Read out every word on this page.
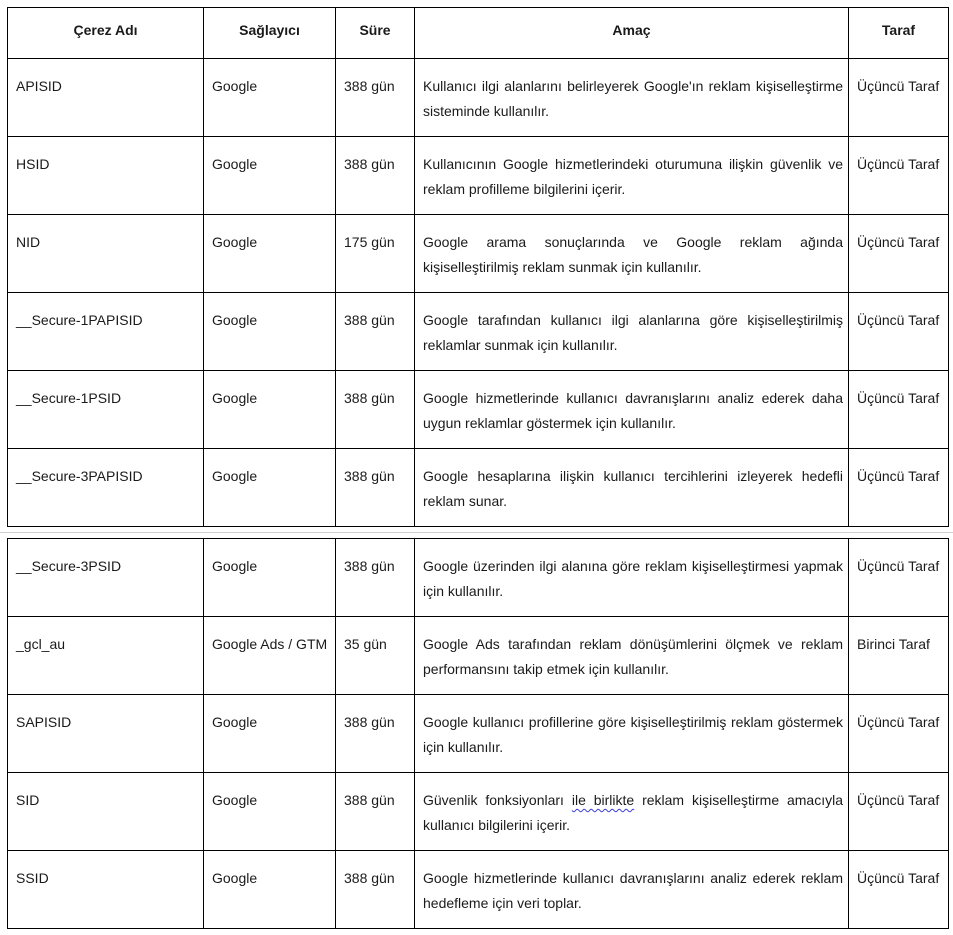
Çerez Adı	Sağlayıcı	Süre	Amaç	Taraf

APISID	Google	388 gün	Kullanıcı ilgi alanlarını belirleyerek Google'ın reklam kişiselleştirme sisteminde kullanılır.	Üçüncü Taraf

HSID	Google	388 gün	Kullanıcının Google hizmetlerindeki oturumuna ilişkin güvenlik ve reklam profilleme bilgilerini içerir.	Üçüncü Taraf

NID	Google	175 gün	Google arama sonuçlarında ve Google reklam ağında kişiselleştirilmiş reklam sunmak için kullanılır.	Üçüncü Taraf

__Secure-1PAPISID	Google	388 gün	Google tarafından kullanıcı ilgi alanlarına göre kişiselleştirilmiş reklamlar sunmak için kullanılır.	Üçüncü Taraf

__Secure-1PSID	Google	388 gün	Google hizmetlerinde kullanıcı davranışlarını analiz ederek daha uygun reklamlar göstermek için kullanılır.	Üçüncü Taraf

__Secure-3PAPISID	Google	388 gün	Google hesaplarına ilişkin kullanıcı tercihlerini izleyerek hedefli reklam sunar.	Üçüncü Taraf
__Secure-3PSID	Google	388 gün	Google üzerinden ilgi alanına göre reklam kişiselleştirmesi yapmak için kullanılır.	Üçüncü Taraf

_gcl_au	Google Ads / GTM	35 gün	Google Ads tarafından reklam dönüşümlerini ölçmek ve reklam performansını takip etmek için kullanılır.	Birinci Taraf

SAPISID	Google	388 gün	Google kullanıcı profillerine göre kişiselleştirilmiş reklam göstermek için kullanılır.	Üçüncü Taraf

SID	Google	388 gün	Güvenlik fonksiyonları ile birlikte reklam kişiselleştirme amacıyla kullanıcı bilgilerini içerir.	Üçüncü Taraf

SSID	Google	388 gün	Google hizmetlerinde kullanıcı davranışlarını analiz ederek reklam hedefleme için veri toplar.	Üçüncü Taraf
